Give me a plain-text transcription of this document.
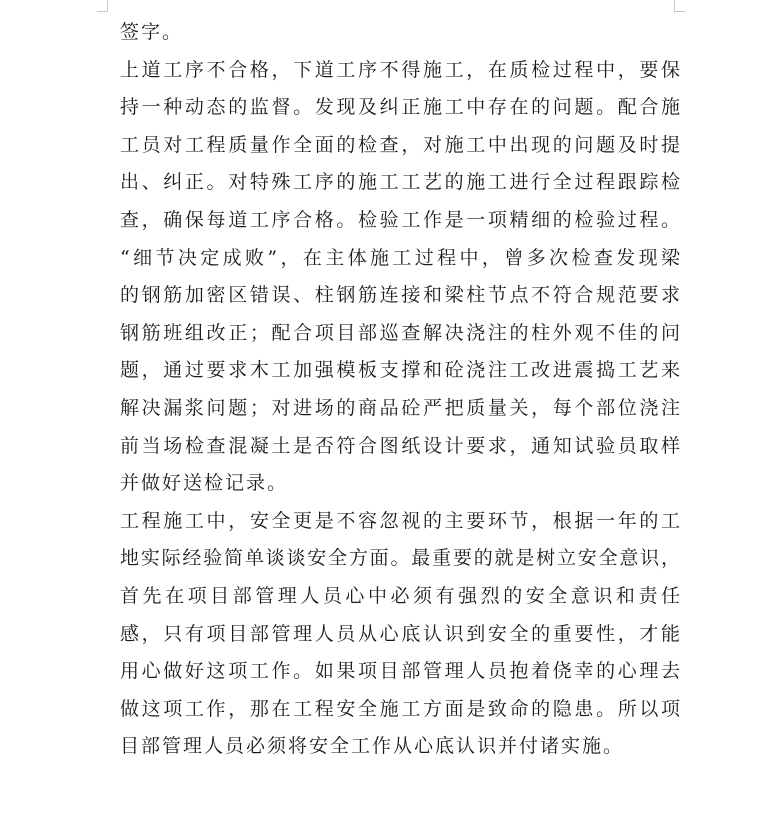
签字。
上道工序不合格，下道工序不得施工，在质检过程中，要保
持一种动态的监督。发现及纠正施工中存在的问题。配合施
工员对工程质量作全面的检查，对施工中出现的问题及时提
出、纠正。对特殊工序的施工工艺的施工进行全过程跟踪检
查，确保每道工序合格。检验工作是一项精细的检验过程。
“细节决定成败”，在主体施工过程中，曾多次检查发现梁
的钢筋加密区错误、柱钢筋连接和梁柱节点不符合规范要求
钢筋班组改正；配合项目部巡查解决浇注的柱外观不佳的问
题，通过要求木工加强模板支撑和砼浇注工改进震捣工艺来
解决漏浆问题；对进场的商品砼严把质量关，每个部位浇注
前当场检查混凝土是否符合图纸设计要求，通知试验员取样
并做好送检记录。
工程施工中，安全更是不容忽视的主要环节，根据一年的工
地实际经验简单谈谈安全方面。最重要的就是树立安全意识，
首先在项目部管理人员心中必须有强烈的安全意识和责任
感，只有项目部管理人员从心底认识到安全的重要性，才能
用心做好这项工作。如果项目部管理人员抱着侥幸的心理去
做这项工作，那在工程安全施工方面是致命的隐患。所以项
目部管理人员必须将安全工作从心底认识并付诸实施。
